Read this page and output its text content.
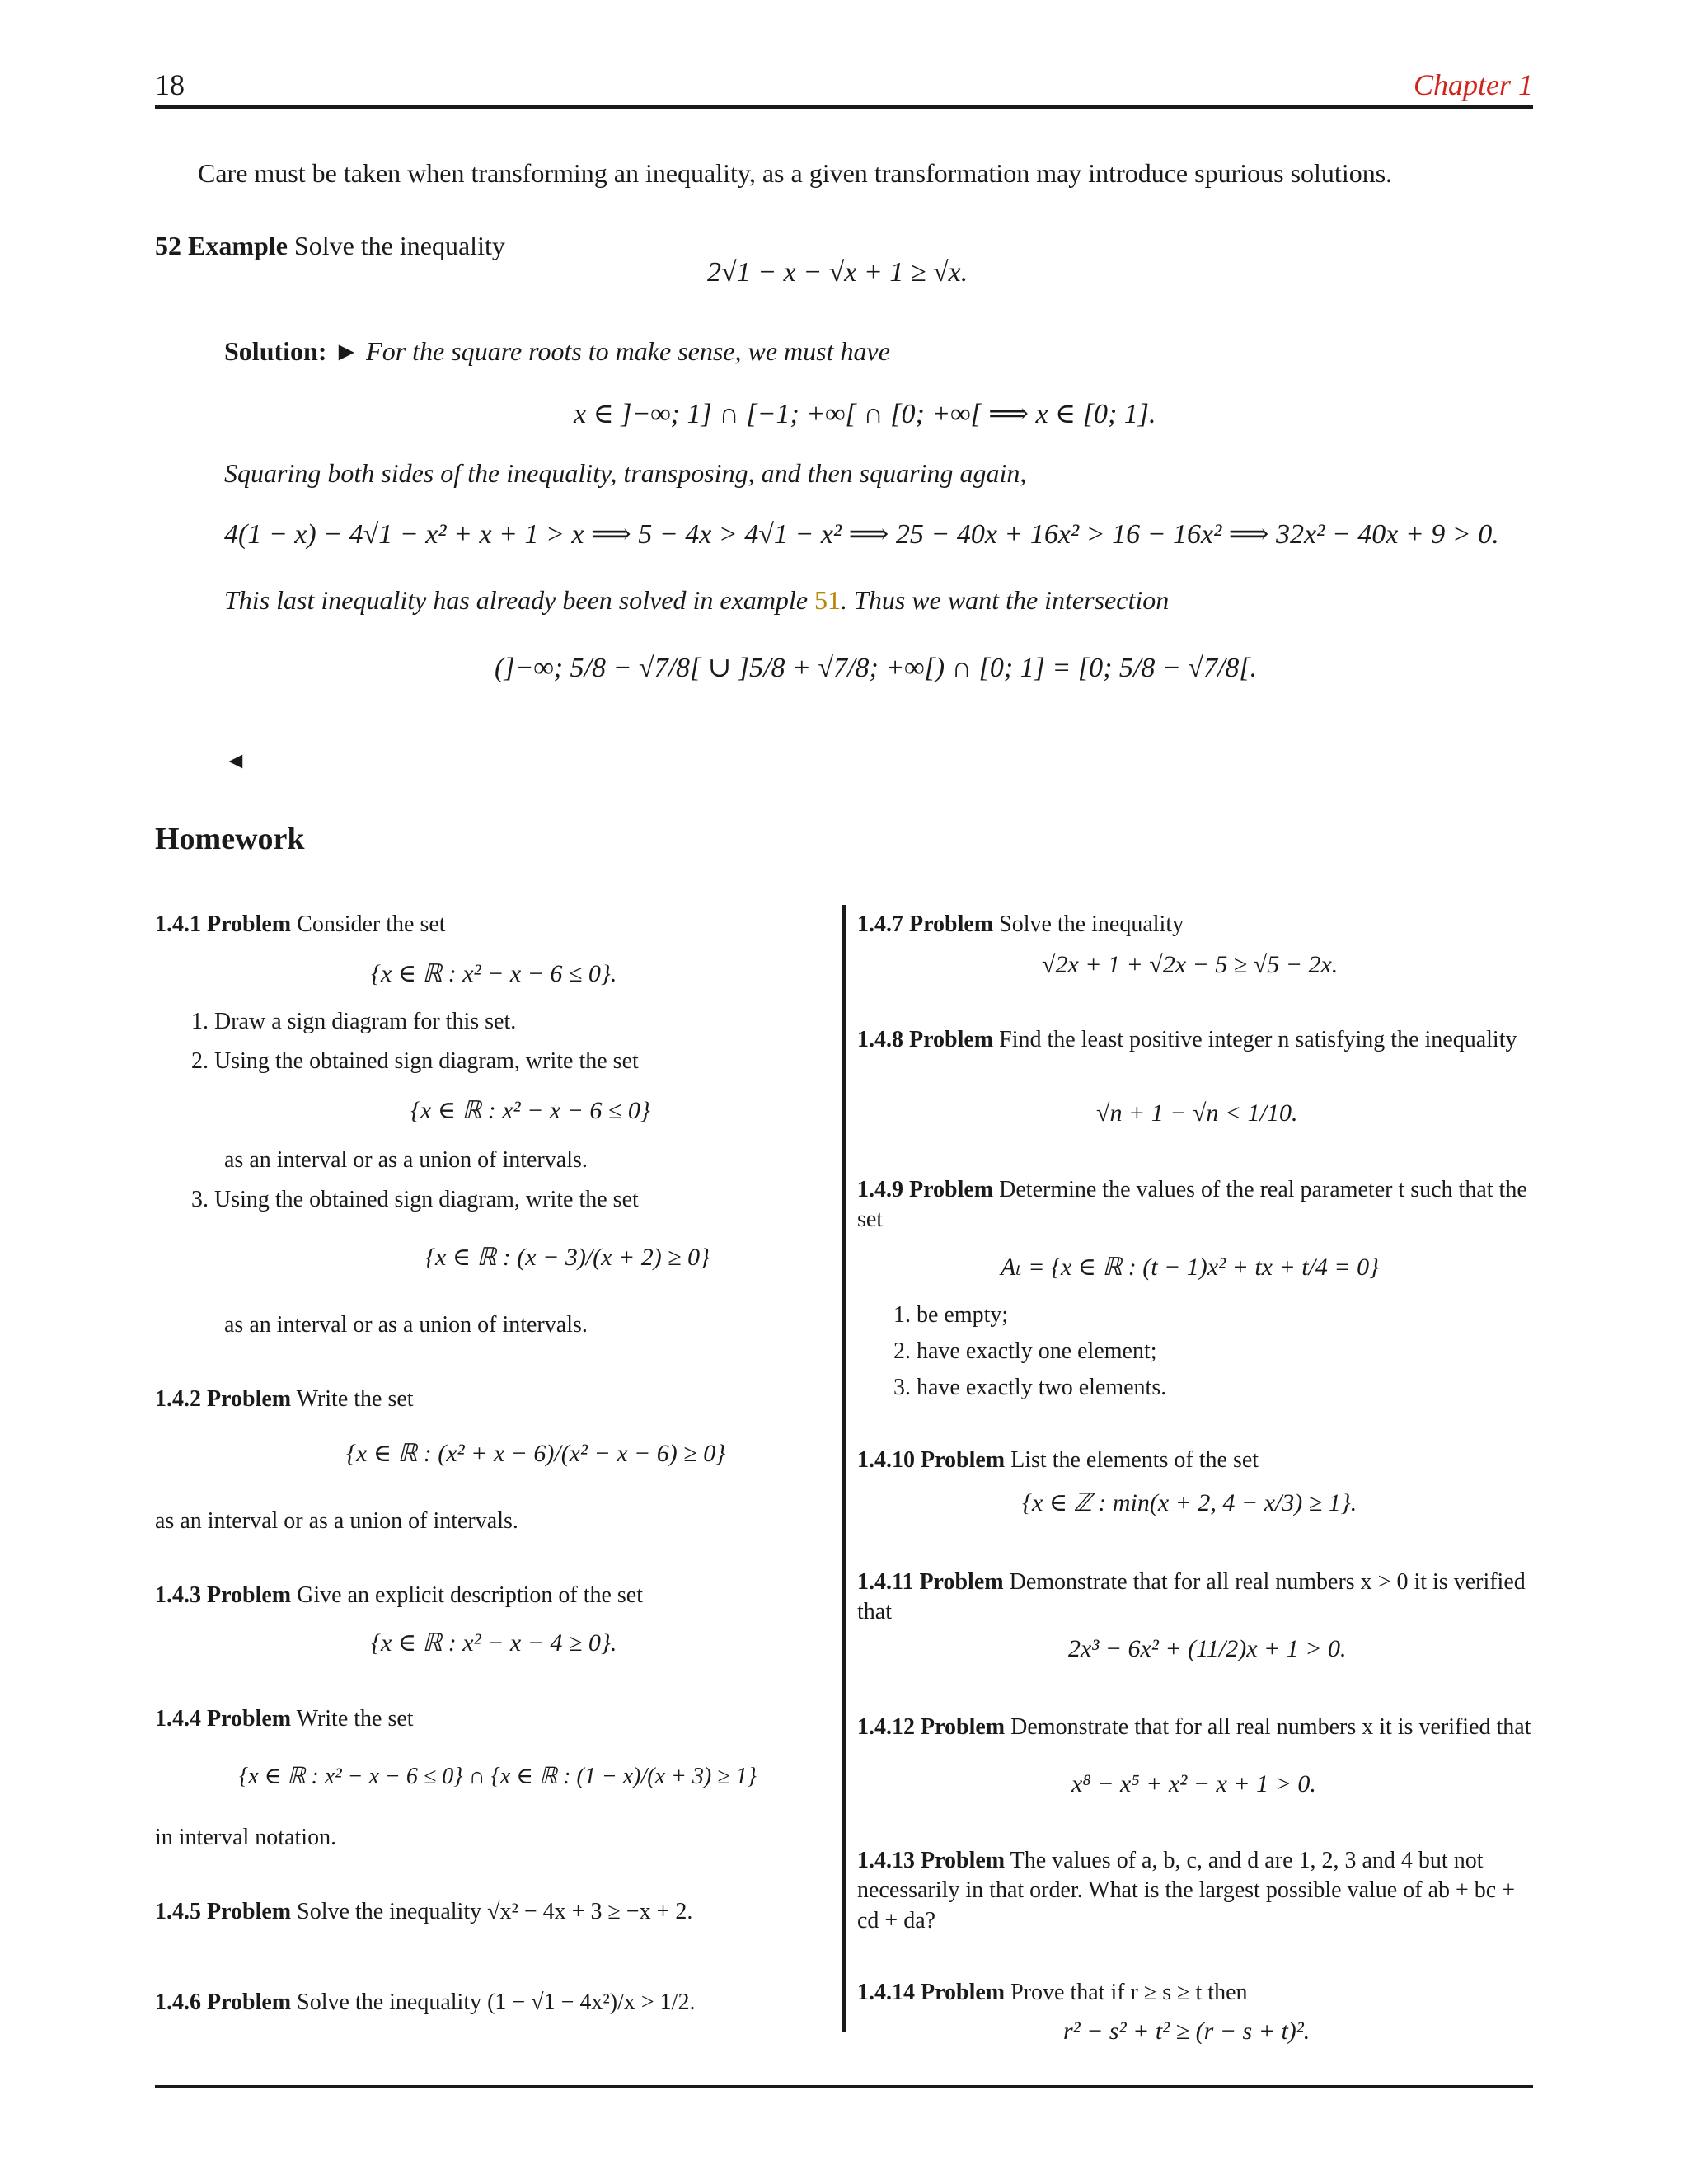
18	Chapter 1
Care must be taken when transforming an inequality, as a given transformation may introduce spurious solutions.
52 Example Solve the inequality
2√1 − x − √x + 1 ≥ √x.
Solution: ► For the square roots to make sense, we must have
x ∈ ]−∞; 1] ∩ [−1; +∞[ ∩ [0; +∞[ ⟹ x ∈ [0; 1].
Squaring both sides of the inequality, transposing, and then squaring again,
4(1 − x) − 4√1 − x² + x + 1 > x ⟹ 5 − 4x > 4√1 − x² ⟹ 25 − 40x + 16x² > 16 − 16x² ⟹ 32x² − 40x + 9 > 0.
This last inequality has already been solved in example 51. Thus we want the intersection
(]−∞; 5/8 − √7/8[ ∪ ]5/8 + √7/8; +∞[) ∩ [0; 1] = [0; 5/8 − √7/8[.
◄
Homework
1.4.1 Problem Consider the set
{x ∈ ℝ : x² − x − 6 ≤ 0}.
1. Draw a sign diagram for this set.
2. Using the obtained sign diagram, write the set
{x ∈ ℝ : x² − x − 6 ≤ 0}
as an interval or as a union of intervals.
3. Using the obtained sign diagram, write the set
{x ∈ ℝ : (x − 3)/(x + 2) ≥ 0}
as an interval or as a union of intervals.
1.4.2 Problem Write the set
{x ∈ ℝ : (x² + x − 6)/(x² − x − 6) ≥ 0}
as an interval or as a union of intervals.
1.4.3 Problem Give an explicit description of the set
{x ∈ ℝ : x² − x − 4 ≥ 0}.
1.4.4 Problem Write the set
{x ∈ ℝ : x² − x − 6 ≤ 0} ∩ {x ∈ ℝ : (1 − x)/(x + 3) ≥ 1}
in interval notation.
1.4.5 Problem Solve the inequality √x² − 4x + 3 ≥ −x + 2.
1.4.6 Problem Solve the inequality (1 − √1 − 4x²)/x > 1/2.
1.4.7 Problem Solve the inequality
√2x + 1 + √2x − 5 ≥ √5 − 2x.
1.4.8 Problem Find the least positive integer n satisfying the inequality
√n + 1 − √n < 1/10.
1.4.9 Problem Determine the values of the real parameter t such that the set
Aₜ = {x ∈ ℝ : (t − 1)x² + tx + t/4 = 0}
1. be empty;
2. have exactly one element;
3. have exactly two elements.
1.4.10 Problem List the elements of the set
{x ∈ ℤ : min(x + 2, 4 − x/3) ≥ 1}.
1.4.11 Problem Demonstrate that for all real numbers x > 0 it is verified that
2x³ − 6x² + (11/2)x + 1 > 0.
1.4.12 Problem Demonstrate that for all real numbers x it is verified that
x⁸ − x⁵ + x² − x + 1 > 0.
1.4.13 Problem The values of a, b, c, and d are 1, 2, 3 and 4 but not necessarily in that order. What is the largest possible value of ab + bc + cd + da?
1.4.14 Problem Prove that if r ≥ s ≥ t then
r² − s² + t² ≥ (r − s + t)².
